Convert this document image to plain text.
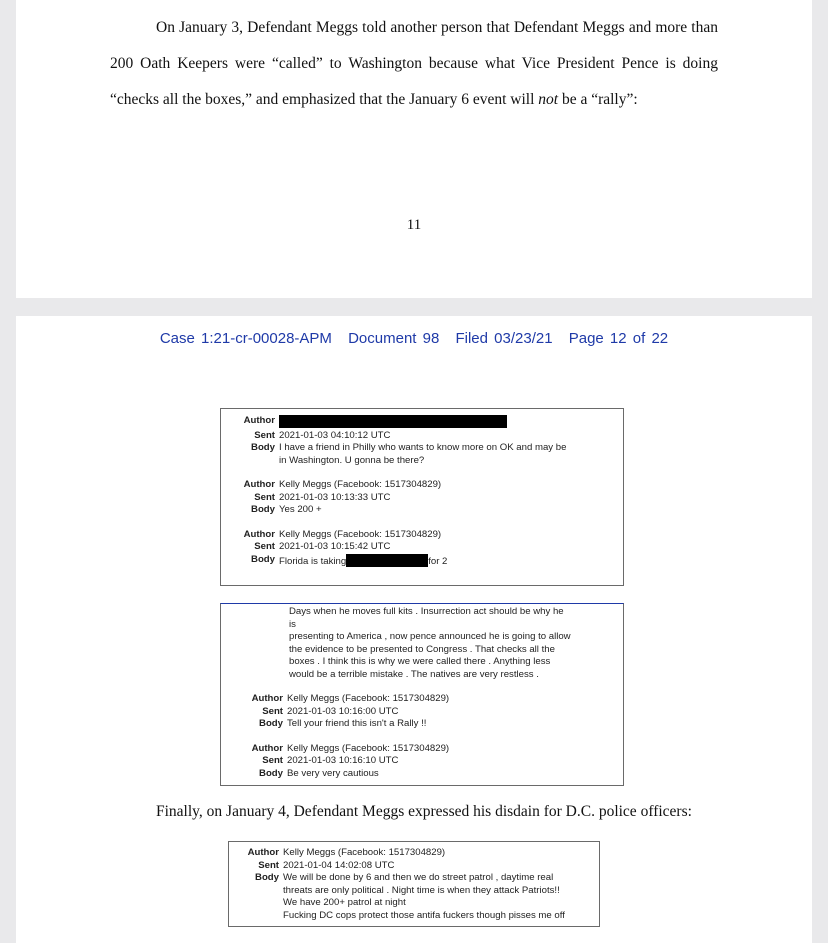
On January 3, Defendant Meggs told another person that Defendant Meggs and more than
200 Oath Keepers were “called” to Washington because what Vice President Pence is doing
“checks all the boxes,” and emphasized that the January 6 event will not be a “rally”:
11
Case 1:21-cr-00028-APM Document 98 Filed 03/23/21 Page 12 of 22
Author
Sent 2021-01-03 04:10:12 UTC
Body I have a friend in Philly who wants to know more on OK and may be
in Washington. U gonna be there?
Author Kelly Meggs (Facebook: 1517304829)
Sent 2021-01-03 10:13:33 UTC
Body Yes 200 +
Author Kelly Meggs (Facebook: 1517304829)
Sent 2021-01-03 10:15:42 UTC
Body Florida is taking	for 2
Days when he moves full kits . Insurrection act should be why he is
presenting to America , now pence announced he is going to allow
the evidence to be presented to Congress . That checks all the
boxes . I think this is why we were called there . Anything less
would be a terrible mistake . The natives are very restless .
Author Kelly Meggs (Facebook: 1517304829)
Sent 2021-01-03 10:16:00 UTC
Body Tell your friend this isn't a Rally !!
Author Kelly Meggs (Facebook: 1517304829)
Sent 2021-01-03 10:16:10 UTC
Body Be very very cautious
Finally, on January 4, Defendant Meggs expressed his disdain for D.C. police officers:
Author Kelly Meggs (Facebook: 1517304829)
Sent 2021-01-04 14:02:08 UTC
Body We will be done by 6 and then we do street patrol , daytime real
threats are only political . Night time is when they attack Patriots!!
We have 200+ patrol at night
Fucking DC cops protect those antifa fuckers though pisses me off
